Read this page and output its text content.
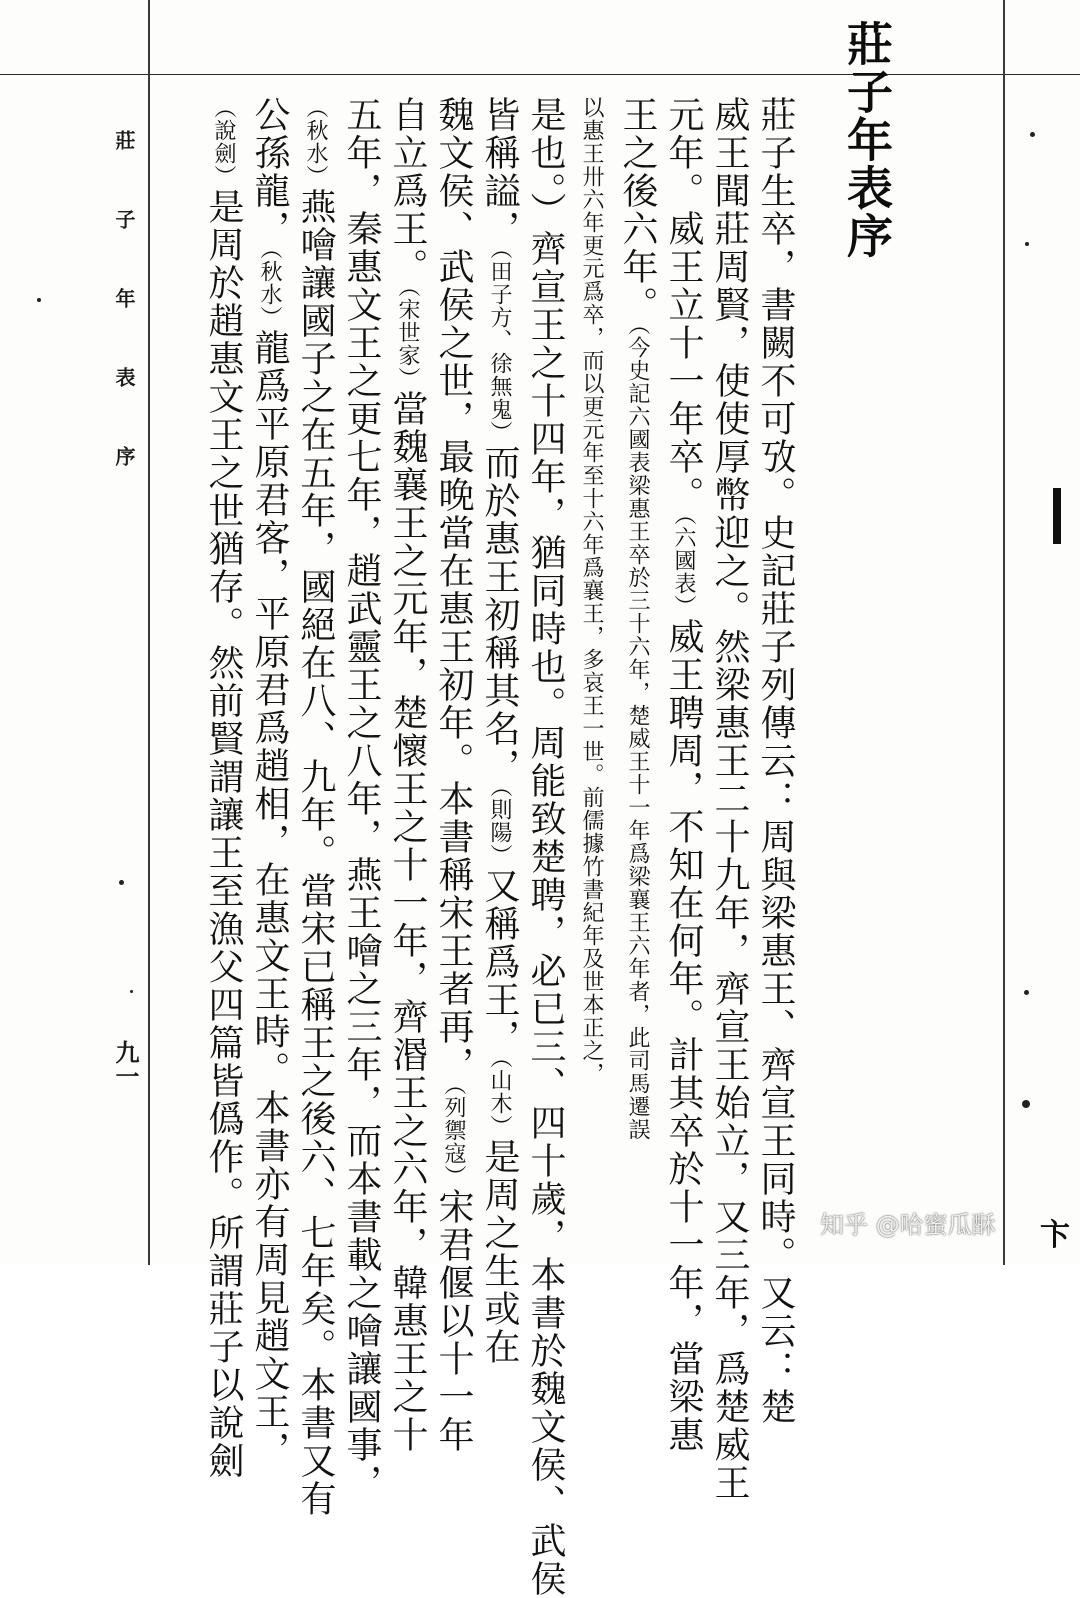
莊子年表序
莊子生卒，書闕不可攷。史記莊子列傳云：周與梁惠王、齊宣王同時。又云：楚
威王聞莊周賢，使使厚幣迎之。然梁惠王二十九年，齊宣王始立，又三年，爲楚威王
元年。威王立十一年卒。（六國表）威王聘周，不知在何年。計其卒於十一年，當梁惠
王之後六年。（今史記六國表梁惠王卒於三十六年，楚威王十一年爲梁襄王六年者，此司馬遷誤
以惠王卅六年更元爲卒，而以更元年至十六年爲襄王，多哀王一世。前儒據竹書紀年及世本正之，
是也。）齊宣王之十四年，猶同時也。周能致楚聘，必已三、四十歲，本書於魏文侯、武侯
皆稱謚，（田子方、徐無鬼）而於惠王初稱其名，（則陽）又稱爲王，（山木）是周之生或在
魏文侯、武侯之世，最晚當在惠王初年。本書稱宋王者再，（列禦寇）宋君偃以十一年
自立爲王。（宋世家）當魏襄王之元年，楚懷王之十一年，齊湣王之六年，韓惠王之十
五年，秦惠文王之更七年，趙武靈王之八年，燕王噲之三年，而本書載之噲讓國事，
（秋水）燕噲讓國子之在五年，國絕在八、九年。當宋已稱王之後六、七年矣。本書又有
公孫龍，（秋水）龍爲平原君客，平原君爲趙相，在惠文王時。本書亦有周見趙文王，
（說劍）是周於趙惠文王之世猶存。然前賢謂讓王至漁父四篇皆僞作。所謂莊子以說劍
莊 子 年 表 序
九一
卞
知乎 @哈蜜瓜酥
